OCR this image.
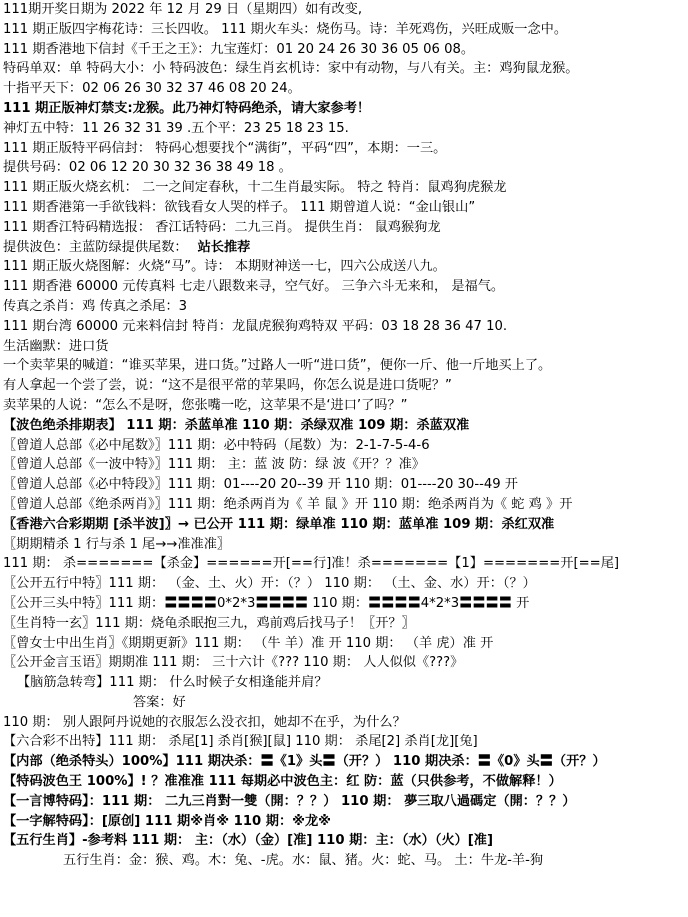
111期开奖日期为 2022 年 12 月 29 日（星期四）如有改变,
111 期正版四字梅花诗：三长四收。 111 期火车头：烧伤马。诗：羊死鸡伤，兴旺成贩一念中。
111 期香港地下信封《千王之王》：九宝莲灯：01 20 24 26 30 36 05 06 08。
特码单双：单 特码大小：小 特码波色：绿生肖玄机诗：家中有动物，与八有关。主：鸡狗鼠龙猴。
十指平天下：02 06 26 30 32 37 46 08 20 24。
111 期正版神灯禁支:龙猴。此乃神灯特码绝杀，请大家参考！
神灯五中特：11 26 32 31 39 .五个平：23 25 18 23 15.
111 期正版特平码信封： 特码心想要找个“满街”，平码“四”，本期：一三。
提供号码：02 06 12 20 30 32 36 38 49 18 。
111 期正版火烧玄机： 二一之间定春秋，十二生肖最实际。 特之 特肖：鼠鸡狗虎猴龙
111 期香港第一手欲钱料：欲钱看女人哭的样子。 111 期曾道人说：“金山银山”
111 期香江特码精选报： 香江话特码：二九三肖。 提供生肖： 鼠鸡猴狗龙
提供波色：主蓝防绿提供尾数： 站长推荐
111 期正版火烧图解：火烧“马”。诗： 本期财神送一七，四六公成送八九。
111 期香港 60000 元传真料 七走八跟数来寻，空气好。 三争六斗无来和， 是福气。
传真之杀肖：鸡 传真之杀尾：3
111 期台湾 60000 元来料信封 特肖：龙鼠虎猴狗鸡特双 平码：03 18 28 36 47 10.
生活幽默：进口货
一个卖苹果的喊道：“谁买苹果，进口货。”过路人一听“进口货”，便你一斤、他一斤地买上了。
有人拿起一个尝了尝，说：“这不是很平常的苹果吗，你怎么说是进口货呢？”
卖苹果的人说：“怎么不是呀，您张嘴一吃，这苹果不是‘进口’了吗？”
【波色绝杀排期表】 111 期：杀蓝单准 110 期：杀绿双准 109 期：杀蓝双准
〖曾道人总部《必中尾数》〗111 期：必中特码（尾数）为：2-1-7-5-4-6
〖曾道人总部《一波中特》〗111 期： 主：蓝 波 防：绿 波《开？？准》
〖曾道人总部《必中特段》〗111 期：01----20 20--39 开 110 期：01----20 30--49 开
〖曾道人总部《绝杀两肖》〗111 期：绝杀两肖为《 羊 鼠 》开 110 期：绝杀两肖为《 蛇 鸡 》开
〖香港六合彩期期 [杀半波]〗→ 已公开 111 期：绿单准 110 期：蓝单准 109 期：杀红双准
〖期期精杀 1 行与杀 1 尾→→准准准〗
111 期： 杀=======【杀金】======开[==行]准！杀=======【1】=======开[==尾]
〖公开五行中特〗111 期： （金、土、火）开：（？） 110 期： （土、金、水）开：（？）
〖公开三头中特〗111 期：〓〓〓〓0*2*3〓〓〓〓 110 期：〓〓〓〓4*2*3〓〓〓〓 开
〖生肖特一玄〗111 期：烧龟杀眠抱三九，鸡前鸡后找马子！〖开？〗
〖曾女士中出生肖〗《期期更新》111 期： （牛 羊）准 开 110 期： （羊 虎）准 开
〖公开金言玉语〗期期准 111 期： 三十六计《??? 110 期： 人人似似《???》
【脑筋急转弯】111 期： 什么时候子女相逢能并肩？
答案：好
110 期： 别人跟阿丹说她的衣服怎么没衣扣，她却不在乎，为什么？
【六合彩不出特】111 期： 杀尾[1] 杀肖[猴][鼠] 110 期： 杀尾[2] 杀肖[龙][兔]
【内部（绝杀特头）100%】111 期决杀：〓《1》头〓（开？） 110 期决杀：〓《0》头〓（开？）
【特码波色王 100%】! ？准准准 111 每期必中波色主：红 防：蓝（只供参考，不做解释！）
【一言博特码】：111 期： 二九三肖對一雙（開：？？） 110 期： 夢三取八過碼定（開：？？）
【一字解特码】：[原创] 111 期※肖※ 110 期：※龙※
【五行生肖】-参考料 111 期： 主：（水）（金）[准] 110 期：主：（水）（火）[准]
五行生肖：金：猴、鸡。木：兔、-虎。水：鼠、猪。火：蛇、马。 土：牛龙-羊-狗
